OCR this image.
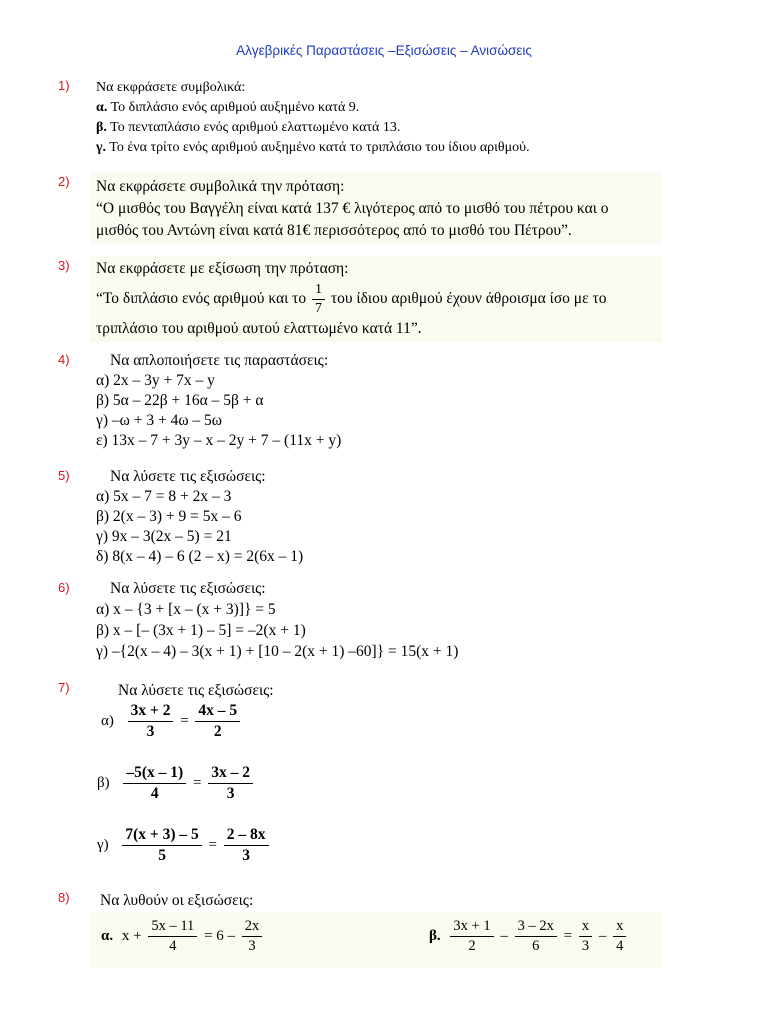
Αλγεβρικές Παραστάσεις –Εξισώσεις – Ανισώσεις
1) Να εκφράσετε συμβολικά:
α. Το διπλάσιο ενός αριθμού αυξημένο κατά 9.
β. Το πενταπλάσιο ενός αριθμού ελαττωμένο κατά 13.
γ. Το ένα τρίτο ενός αριθμού αυξημένο κατά το τριπλάσιο του ίδιου αριθμού.
2) Να εκφράσετε συμβολικά την πρόταση:
“Ο μισθός του Βαγγέλη είναι κατά 137 € λιγότερος από το μισθό του πέτρου και ο
μισθός του Αντώνη είναι κατά 81€ περισσότερος από το μισθό του Πέτρου”.
3) Να εκφράσετε με εξίσωση την πρόταση:
“Το διπλάσιο ενός αριθμού και το $\frac{1}{7}$ του ίδιου αριθμού έχουν άθροισμα ίσο με το
τριπλάσιο του αριθμού αυτού ελαττωμένο κατά 11”.
4)	Να απλοποιήσετε τις παραστάσεις:
α) 2x – 3y + 7x – y
β) 5α – 22β + 16α – 5β + α
γ) –ω + 3 + 4ω – 5ω
ε) 13x – 7 + 3y – x – 2y + 7 – (11x + y)
5)	Να λύσετε τις εξισώσεις:
α) 5x – 7 = 8 + 2x – 3
β) 2(x – 3) + 9 = 5x – 6
γ) 9x – 3(2x – 5) = 21
δ) 8(x – 4) – 6 (2 – x) = 2(6x – 1)
6)	Να λύσετε τις εξισώσεις:
α) x – {3 + [x – (x + 3)]} = 5
β) x – [– (3x + 1) – 5] = –2(x + 1)
γ) –{2(x – 4) – 3(x + 1) + [10 – 2(x + 1) –60]} = 15(x + 1)
7)	Να λύσετε τις εξισώσεις:
$\alpha) \frac{3x + 2}{3} = \frac{4x - 5}{2}$
$\beta) \frac{-5(x - 1)}{4} = \frac{3x - 2}{3}$
$\gamma) \frac{7(x + 3) - 5}{5} = \frac{2 - 8x}{3}$
8) Να λυθούν οι εξισώσεις:
α. $x + \frac{5x - 11}{4} = 6 - \frac{2x}{3}$	β. $\frac{3x + 1}{2} - \frac{3 - 2x}{6} = \frac{x}{3} - \frac{x}{4}$
